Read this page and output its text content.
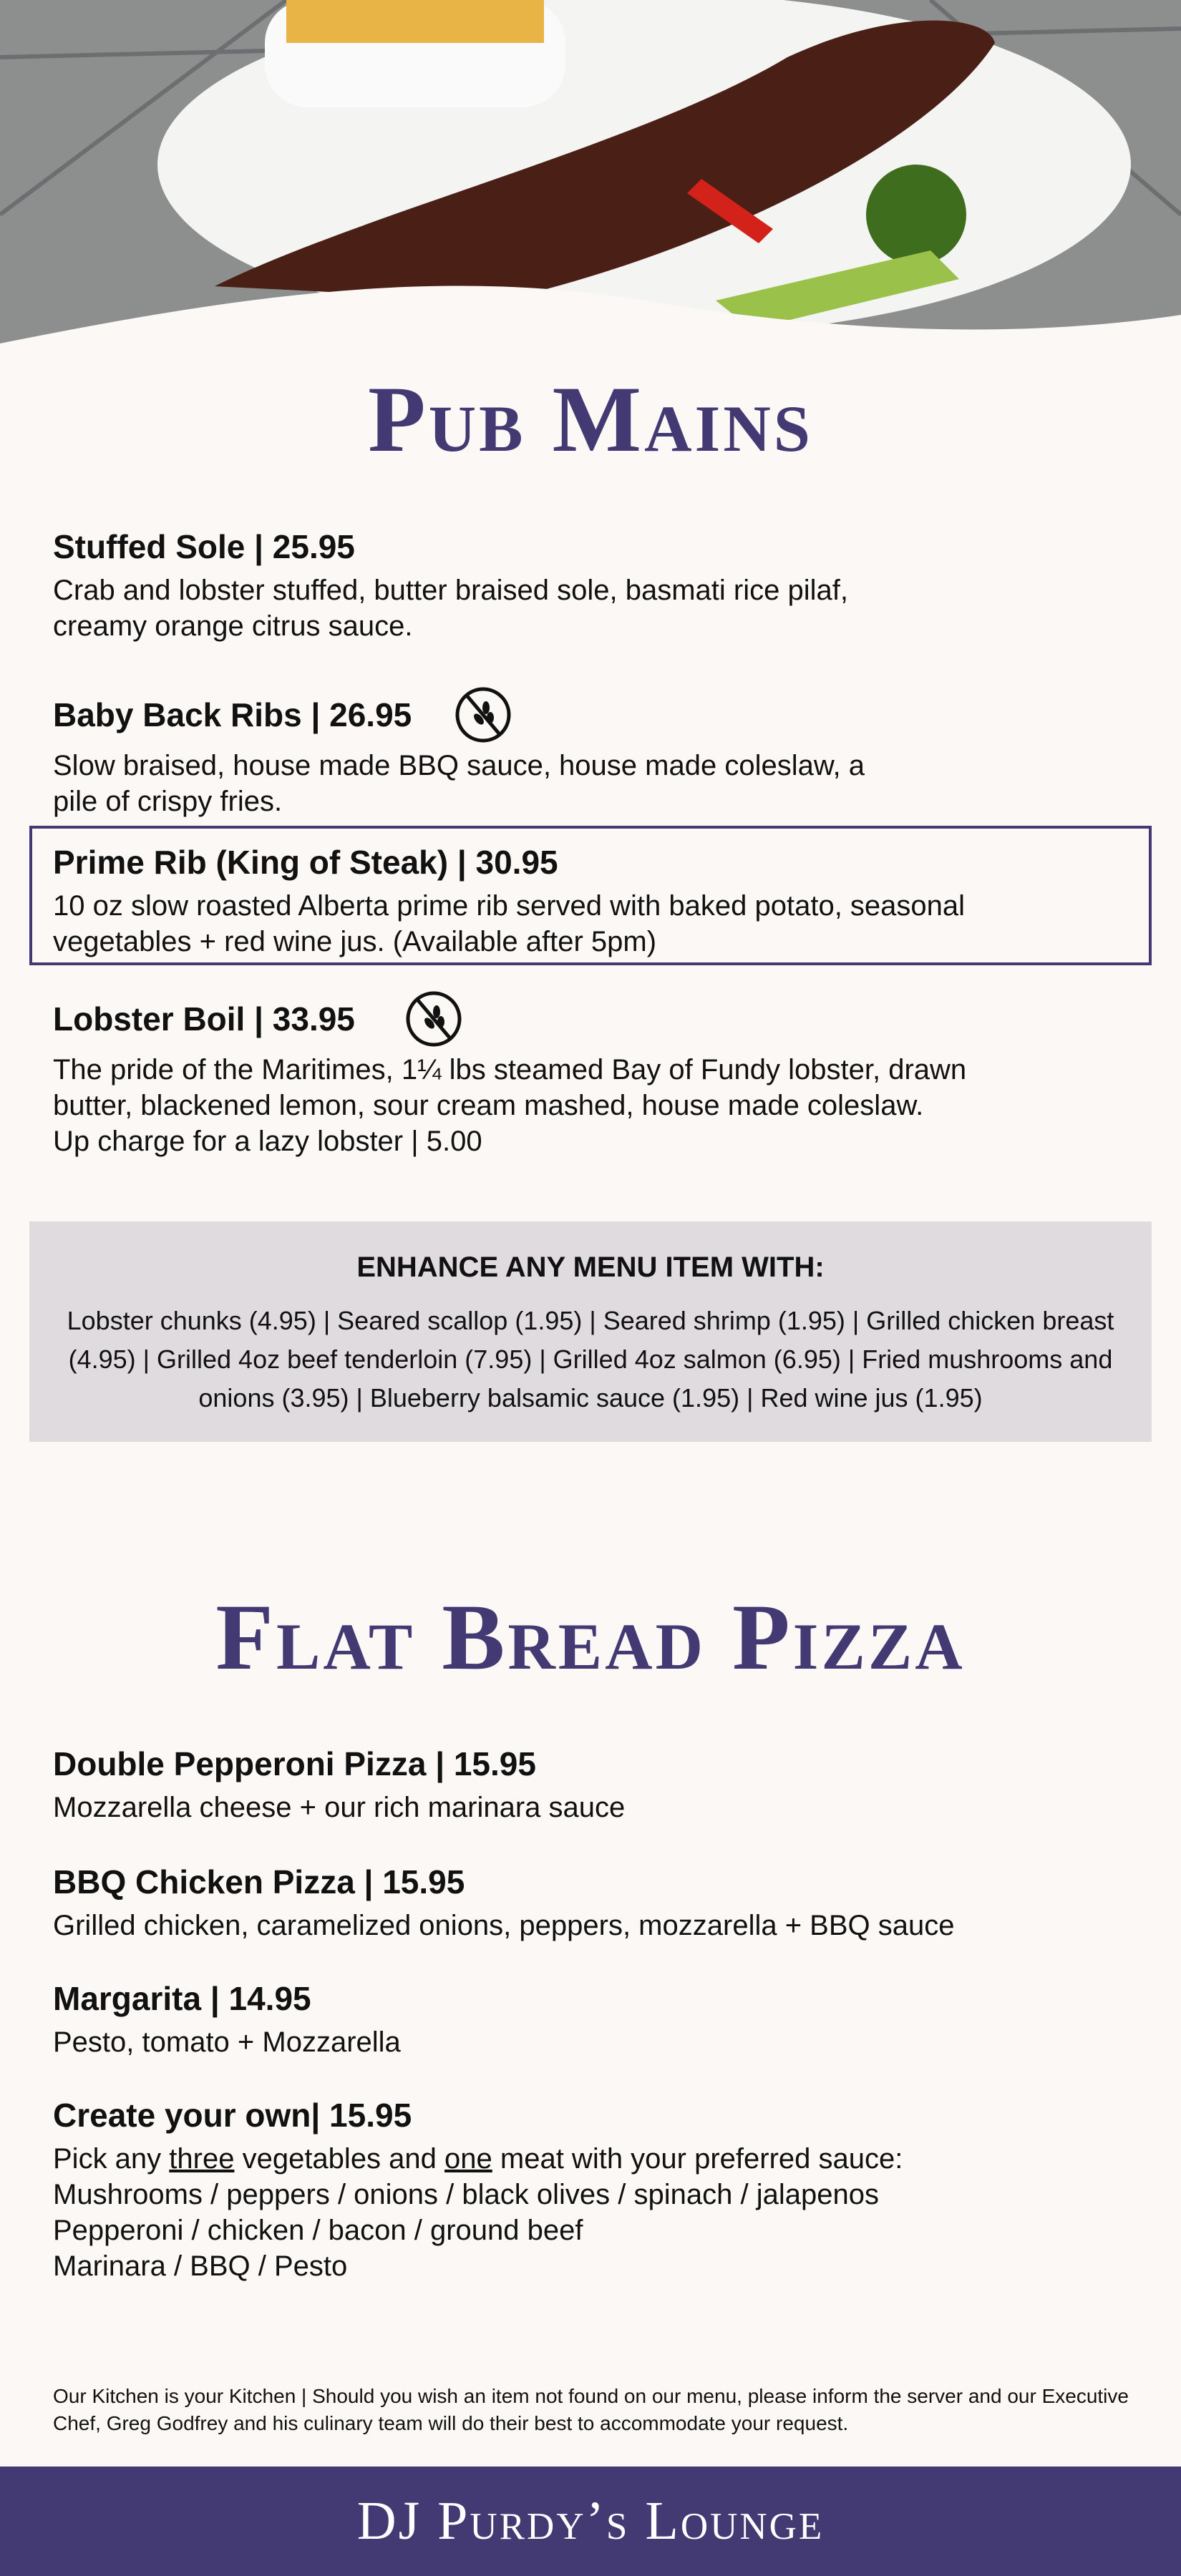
Pub Mains
Stuffed Sole | 25.95

Crab and lobster stuffed, butter braised sole, basmati rice pilaf,
creamy orange citrus sauce.

Baby Back Ribs | 26.95

Slow braised, house made BBQ sauce, house made coleslaw, a
pile of crispy fries.

Prime Rib (King of Steak) | 30.95

10 oz slow roasted Alberta prime rib served with baked potato, seasonal
vegetables + red wine jus. (Available after 5pm)

Lobster Boil | 33.95

The pride of the Maritimes, 1¼ lbs steamed Bay of Fundy lobster, drawn
butter, blackened lemon, sour cream mashed, house made coleslaw.
Up charge for a lazy lobster | 5.00

ENHANCE ANY MENU ITEM WITH:

Lobster chunks (4.95) | Seared scallop (1.95) | Seared shrimp (1.95) | Grilled chicken breast (4.95) | Grilled 4oz beef tenderloin (7.95) | Grilled 4oz salmon (6.95) | Fried mushrooms and onions (3.95) | Blueberry balsamic sauce (1.95) | Red wine jus (1.95)

Flat Bread Pizza
Double Pepperoni Pizza | 15.95

Mozzarella cheese + our rich marinara sauce

BBQ Chicken Pizza | 15.95

Grilled chicken, caramelized onions, peppers, mozzarella + BBQ sauce

Margarita | 14.95

Pesto, tomato + Mozzarella

Create your own| 15.95

Pick any three vegetables and one meat with your preferred sauce:
Mushrooms / peppers / onions / black olives / spinach / jalapenos
Pepperoni / chicken / bacon / ground beef
Marinara / BBQ / Pesto

Our Kitchen is your Kitchen | Should you wish an item not found on our menu, please inform the server and our Executive Chef, Greg Godfrey and his culinary team will do their best to accommodate your request.
DJ Purdy’s Lounge
